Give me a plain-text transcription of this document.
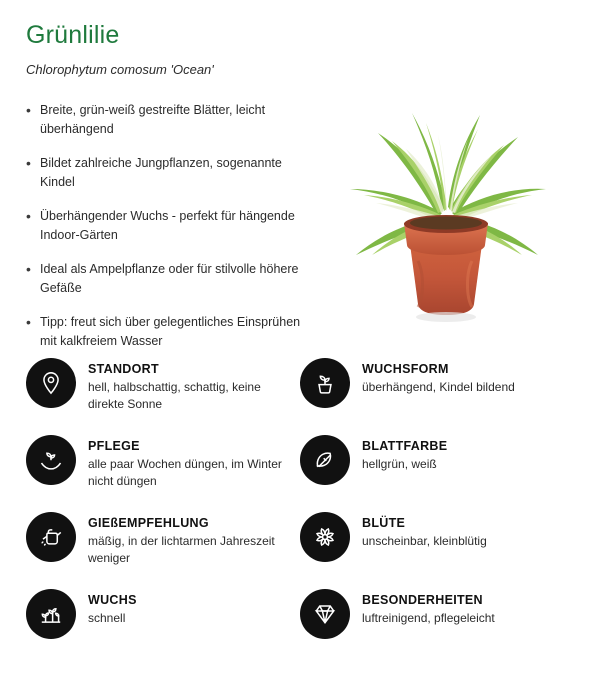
Grünlilie
Chlorophytum comosum 'Ocean'
• Breite, grün-weiß gestreifte Blätter, leicht überhängend
• Bildet zahlreiche Jungpflanzen, sogenannte Kindel
• Überhängender Wuchs - perfekt für hängende Indoor-Gärten
• Ideal als Ampelpflanze oder für stilvolle höhere Gefäße
• Tipp: freut sich über gelegentliches Einsprühen mit kalkfreiem Wasser
STANDORT
hell, halbschattig, schattig, keine direkte Sonne
WUCHSFORM
überhängend, Kindel bildend
PFLEGE
alle paar Wochen düngen, im Winter nicht düngen
BLATTFARBE
hellgrün, weiß
GIEßEMPFEHLUNG
mäßig, in der lichtarmen Jahreszeit weniger
BLÜTE
unscheinbar, kleinblütig
WUCHS
schnell
BESONDERHEITEN
luftreinigend, pflegeleicht
